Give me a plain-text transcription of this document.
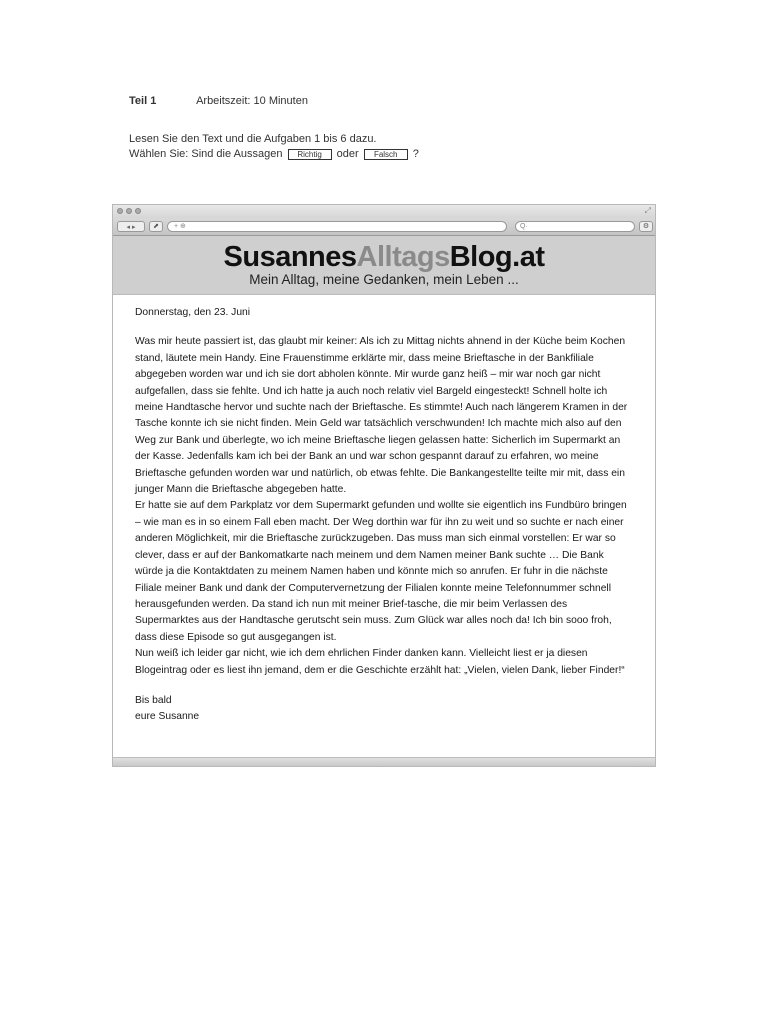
Teil 1	Arbeitszeit: 10 Minuten
Lesen Sie den Text und die Aufgaben 1 bis 6 dazu.
Wählen Sie: Sind die Aussagen Richtig oder Falsch ?
⤢
◂ ▸	⬈	+ ⊕	Q·	⚙
SusannesAlltagsBlog.at
Mein Alltag, meine Gedanken, mein Leben ...

Donnerstag, den 23. Juni

Was mir heute passiert ist, das glaubt mir keiner: Als ich zu Mittag nichts ahnend in der Küche beim Kochen stand, läutete mein Handy. Eine Frauenstimme erklärte mir, dass meine Brieftasche in der Bankfiliale abgegeben worden war und ich sie dort abholen könnte. Mir wurde ganz heiß – mir war noch gar nicht aufgefallen, dass sie fehlte. Und ich hatte ja auch noch relativ viel Bargeld eingesteckt! Schnell holte ich meine Handtasche hervor und suchte nach der Brieftasche. Es stimmte! Auch nach längerem Kramen in der Tasche konnte ich sie nicht finden. Mein Geld war tatsächlich verschwunden! Ich machte mich also auf den Weg zur Bank und überlegte, wo ich meine Brieftasche liegen gelassen hatte: Sicherlich im Supermarkt an der Kasse. Jedenfalls kam ich bei der Bank an und war schon gespannt darauf zu erfahren, wo meine Brieftasche gefunden worden war und natürlich, ob etwas fehlte. Die Bankangestellte teilte mir mit, dass ein junger Mann die Brieftasche abgegeben hatte.

Er hatte sie auf dem Parkplatz vor dem Supermarkt gefunden und wollte sie eigentlich ins Fundbüro bringen – wie man es in so einem Fall eben macht. Der Weg dorthin war für ihn zu weit und so suchte er nach einer anderen Möglichkeit, mir die Brieftasche zurückzugeben. Das muss man sich einmal vorstellen: Er war so clever, dass er auf der Bankomatkarte nach meinem und dem Namen meiner Bank suchte … Die Bank würde ja die Kontaktdaten zu meinem Namen haben und könnte mich so anrufen. Er fuhr in die nächste Filiale meiner Bank und dank der Computervernetzung der Filialen konnte meine Telefonnummer schnell herausgefunden werden. Da stand ich nun mit meiner Brief-tasche, die mir beim Verlassen des Supermarktes aus der Handtasche gerutscht sein muss. Zum Glück war alles noch da! Ich bin sooo froh, dass diese Episode so gut ausgegangen ist.

Nun weiß ich leider gar nicht, wie ich dem ehrlichen Finder danken kann. Vielleicht liest er ja diesen Blogeintrag oder es liest ihn jemand, dem er die Geschichte erzählt hat: „Vielen, vielen Dank, lieber Finder!“

Bis bald

eure Susanne
